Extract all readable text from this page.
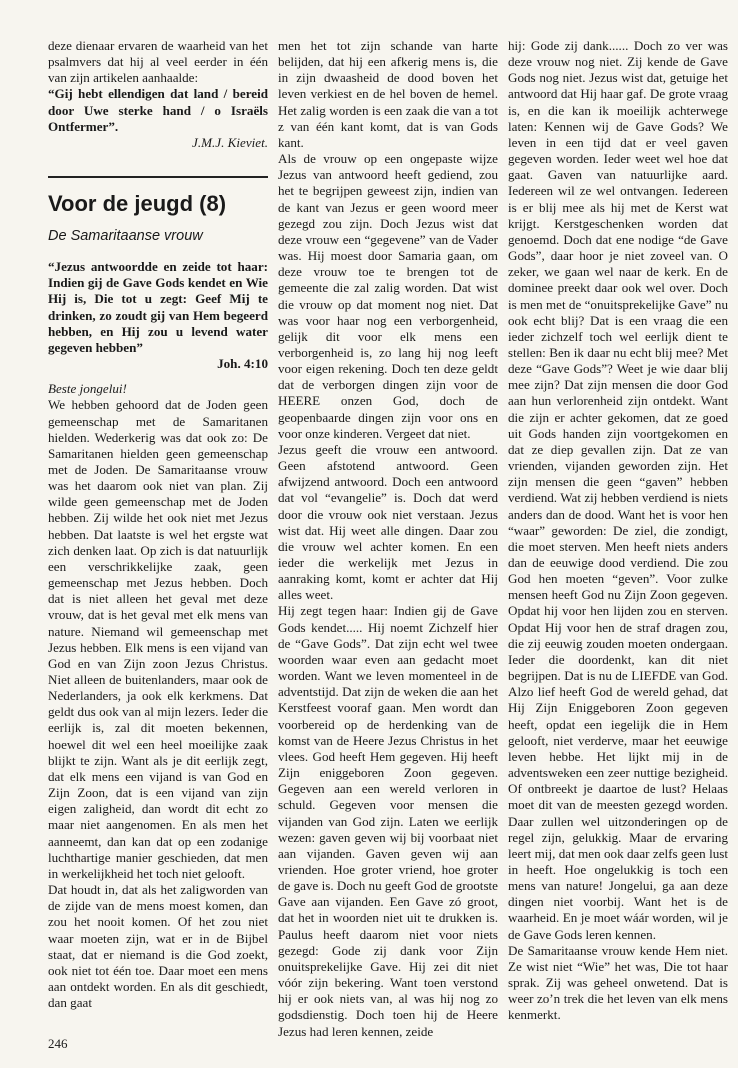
deze dienaar ervaren de waarheid van het psalmvers dat hij al veel eerder in één van zijn artikelen aanhaalde:

“Gij hebt ellendigen dat land / bereid door Uwe sterke hand / o Israëls Ontfermer”.

J.M.J. Kieviet.

Voor de jeugd (8)
De Samaritaanse vrouw

“Jezus antwoordde en zeide tot haar: Indien gij de Gave Gods kendet en Wie Hij is, Die tot u zegt: Geef Mij te drinken, zo zoudt gij van Hem begeerd hebben, en Hij zou u levend water gegeven hebben”

Joh. 4:10

Beste jongelui!

We hebben gehoord dat de Joden geen gemeenschap met de Samaritanen hielden. Wederkerig was dat ook zo: De Samaritanen hielden geen gemeenschap met de Joden. De Samaritaanse vrouw was het daarom ook niet van plan. Zij wilde geen gemeenschap met de Joden hebben. Zij wilde het ook niet met Jezus hebben. Dat laatste is wel het ergste wat zich denken laat. Op zich is dat natuurlijk een verschrikkelijke zaak, geen gemeenschap met Jezus hebben. Doch dat is niet alleen het geval met deze vrouw, dat is het geval met elk mens van nature. Niemand wil gemeenschap met Jezus hebben. Elk mens is een vijand van God en van Zijn zoon Jezus Christus. Niet alleen de buitenlanders, maar ook de Nederlanders, ja ook elk kerkmens. Dat geldt dus ook van al mijn lezers. Ieder die eerlijk is, zal dit moeten bekennen, hoewel dit wel een heel moeilijke zaak blijkt te zijn. Want als je dit eerlijk zegt, dat elk mens een vijand is van God en Zijn Zoon, dat is een vijand van zijn eigen zaligheid, dan wordt dit echt zo maar niet aangenomen. En als men het aanneemt, dan kan dat op een zodanige luchthartige manier geschieden, dat men in werkelijkheid het toch niet gelooft.

Dat houdt in, dat als het zaligworden van de zijde van de mens moest komen, dan zou het nooit komen. Of het zou niet waar moeten zijn, wat er in de Bijbel staat, dat er niemand is die God zoekt, ook niet tot één toe. Daar moet een mens aan ontdekt worden. En als dit geschiedt, dan gaat

men het tot zijn schande van harte belijden, dat hij een afkerig mens is, die in zijn dwaasheid de dood boven het leven verkiest en de hel boven de hemel. Het zalig worden is een zaak die van a tot z van één kant komt, dat is van Gods kant.

Als de vrouw op een ongepaste wijze Jezus van antwoord heeft gediend, zou het te begrijpen geweest zijn, indien van de kant van Jezus er geen woord meer gezegd zou zijn. Doch Jezus wist dat deze vrouw een “gegevene” van de Vader was. Hij moest door Samaria gaan, om deze vrouw toe te brengen tot de gemeente die zal zalig worden. Dat wist die vrouw op dat moment nog niet. Dat was voor haar nog een verborgenheid, gelijk dit voor elk mens een verborgenheid is, zo lang hij nog leeft voor eigen rekening. Doch ten deze geldt dat de verborgen dingen zijn voor de HEERE onzen God, doch de geopenbaarde dingen zijn voor ons en voor onze kinderen. Vergeet dat niet.

Jezus geeft die vrouw een antwoord. Geen afstotend antwoord. Geen afwijzend antwoord. Doch een antwoord dat vol “evangelie” is. Doch dat werd door die vrouw ook niet verstaan. Jezus wist dat. Hij weet alle dingen. Daar zou die vrouw wel achter komen. En een ieder die werkelijk met Jezus in aanraking komt, komt er achter dat Hij alles weet.

Hij zegt tegen haar: Indien gij de Gave Gods kendet..... Hij noemt Zichzelf hier de “Gave Gods”. Dat zijn echt wel twee woorden waar even aan gedacht moet worden. Want we leven momenteel in de adventstijd. Dat zijn de weken die aan het Kerstfeest vooraf gaan. Men wordt dan voorbereid op de herdenking van de komst van de Heere Jezus Christus in het vlees. God heeft Hem gegeven. Hij heeft Zijn eniggeboren Zoon gegeven. Gegeven aan een wereld verloren in schuld. Gegeven voor mensen die vijanden van God zijn. Laten we eerlijk wezen: gaven geven wij bij voorbaat niet aan vijanden. Gaven geven wij aan vrienden. Hoe groter vriend, hoe groter de gave is. Doch nu geeft God de grootste Gave aan vijanden. Een Gave zó groot, dat het in woorden niet uit te drukken is. Paulus heeft daarom niet voor niets gezegd: Gode zij dank voor Zijn onuitsprekelijke Gave. Hij zei dit niet vóór zijn bekering. Want toen verstond hij er ook niets van, al was hij nog zo godsdienstig. Doch toen hij de Heere Jezus had leren kennen, zeide

hij: Gode zij dank...... Doch zo ver was deze vrouw nog niet. Zij kende de Gave Gods nog niet. Jezus wist dat, getuige het antwoord dat Hij haar gaf. De grote vraag is, en die kan ik moeilijk achterwege laten: Kennen wij de Gave Gods? We leven in een tijd dat er veel gaven gegeven worden. Ieder weet wel hoe dat gaat. Gaven van natuurlijke aard. Iedereen wil ze wel ontvangen. Iedereen is er blij mee als hij met de Kerst wat krijgt. Kerstgeschenken worden dat genoemd. Doch dat ene nodige “de Gave Gods”, daar hoor je niet zoveel van. O zeker, we gaan wel naar de kerk. En de dominee preekt daar ook wel over. Doch is men met de “onuitsprekelijke Gave” nu ook echt blij? Dat is een vraag die een ieder zichzelf toch wel eerlijk dient te stellen: Ben ik daar nu echt blij mee? Met deze “Gave Gods”? Weet je wie daar blij mee zijn? Dat zijn mensen die door God aan hun verlorenheid zijn ontdekt. Want die zijn er achter gekomen, dat ze goed uit Gods handen zijn voortgekomen en dat ze diep gevallen zijn. Dat ze van vrienden, vijanden geworden zijn. Het zijn mensen die geen “gaven” hebben verdiend. Wat zij hebben verdiend is niets anders dan de dood. Want het is voor hen “waar” geworden: De ziel, die zondigt, die moet sterven. Men heeft niets anders dan de eeuwige dood verdiend. Die zou God hen moeten “geven”. Voor zulke mensen heeft God nu Zijn Zoon gegeven. Opdat hij voor hen lijden zou en sterven. Opdat Hij voor hen de straf dragen zou, die zij eeuwig zouden moeten ondergaan. Ieder die doordenkt, kan dit niet begrijpen. Dat is nu de LIEFDE van God. Alzo lief heeft God de wereld gehad, dat Hij Zijn Eniggeboren Zoon gegeven heeft, opdat een iegelijk die in Hem gelooft, niet verderve, maar het eeuwige leven hebbe. Het lijkt mij in de adventsweken een zeer nuttige bezigheid. Of ontbreekt je daartoe de lust? Helaas moet dit van de meesten gezegd worden. Daar zullen wel uitzonderingen op de regel zijn, gelukkig. Maar de ervaring leert mij, dat men ook daar zelfs geen lust in heeft. Hoe ongelukkig is toch een mens van nature! Jongelui, ga aan deze dingen niet voorbij. Want het is de waarheid. En je moet wáár worden, wil je de Gave Gods leren kennen.

De Samaritaanse vrouw kende Hem niet. Ze wist niet “Wie” het was, Die tot haar sprak. Zij was geheel onwetend. Dat is weer zo’n trek die het leven van elk mens kenmerkt.

246
